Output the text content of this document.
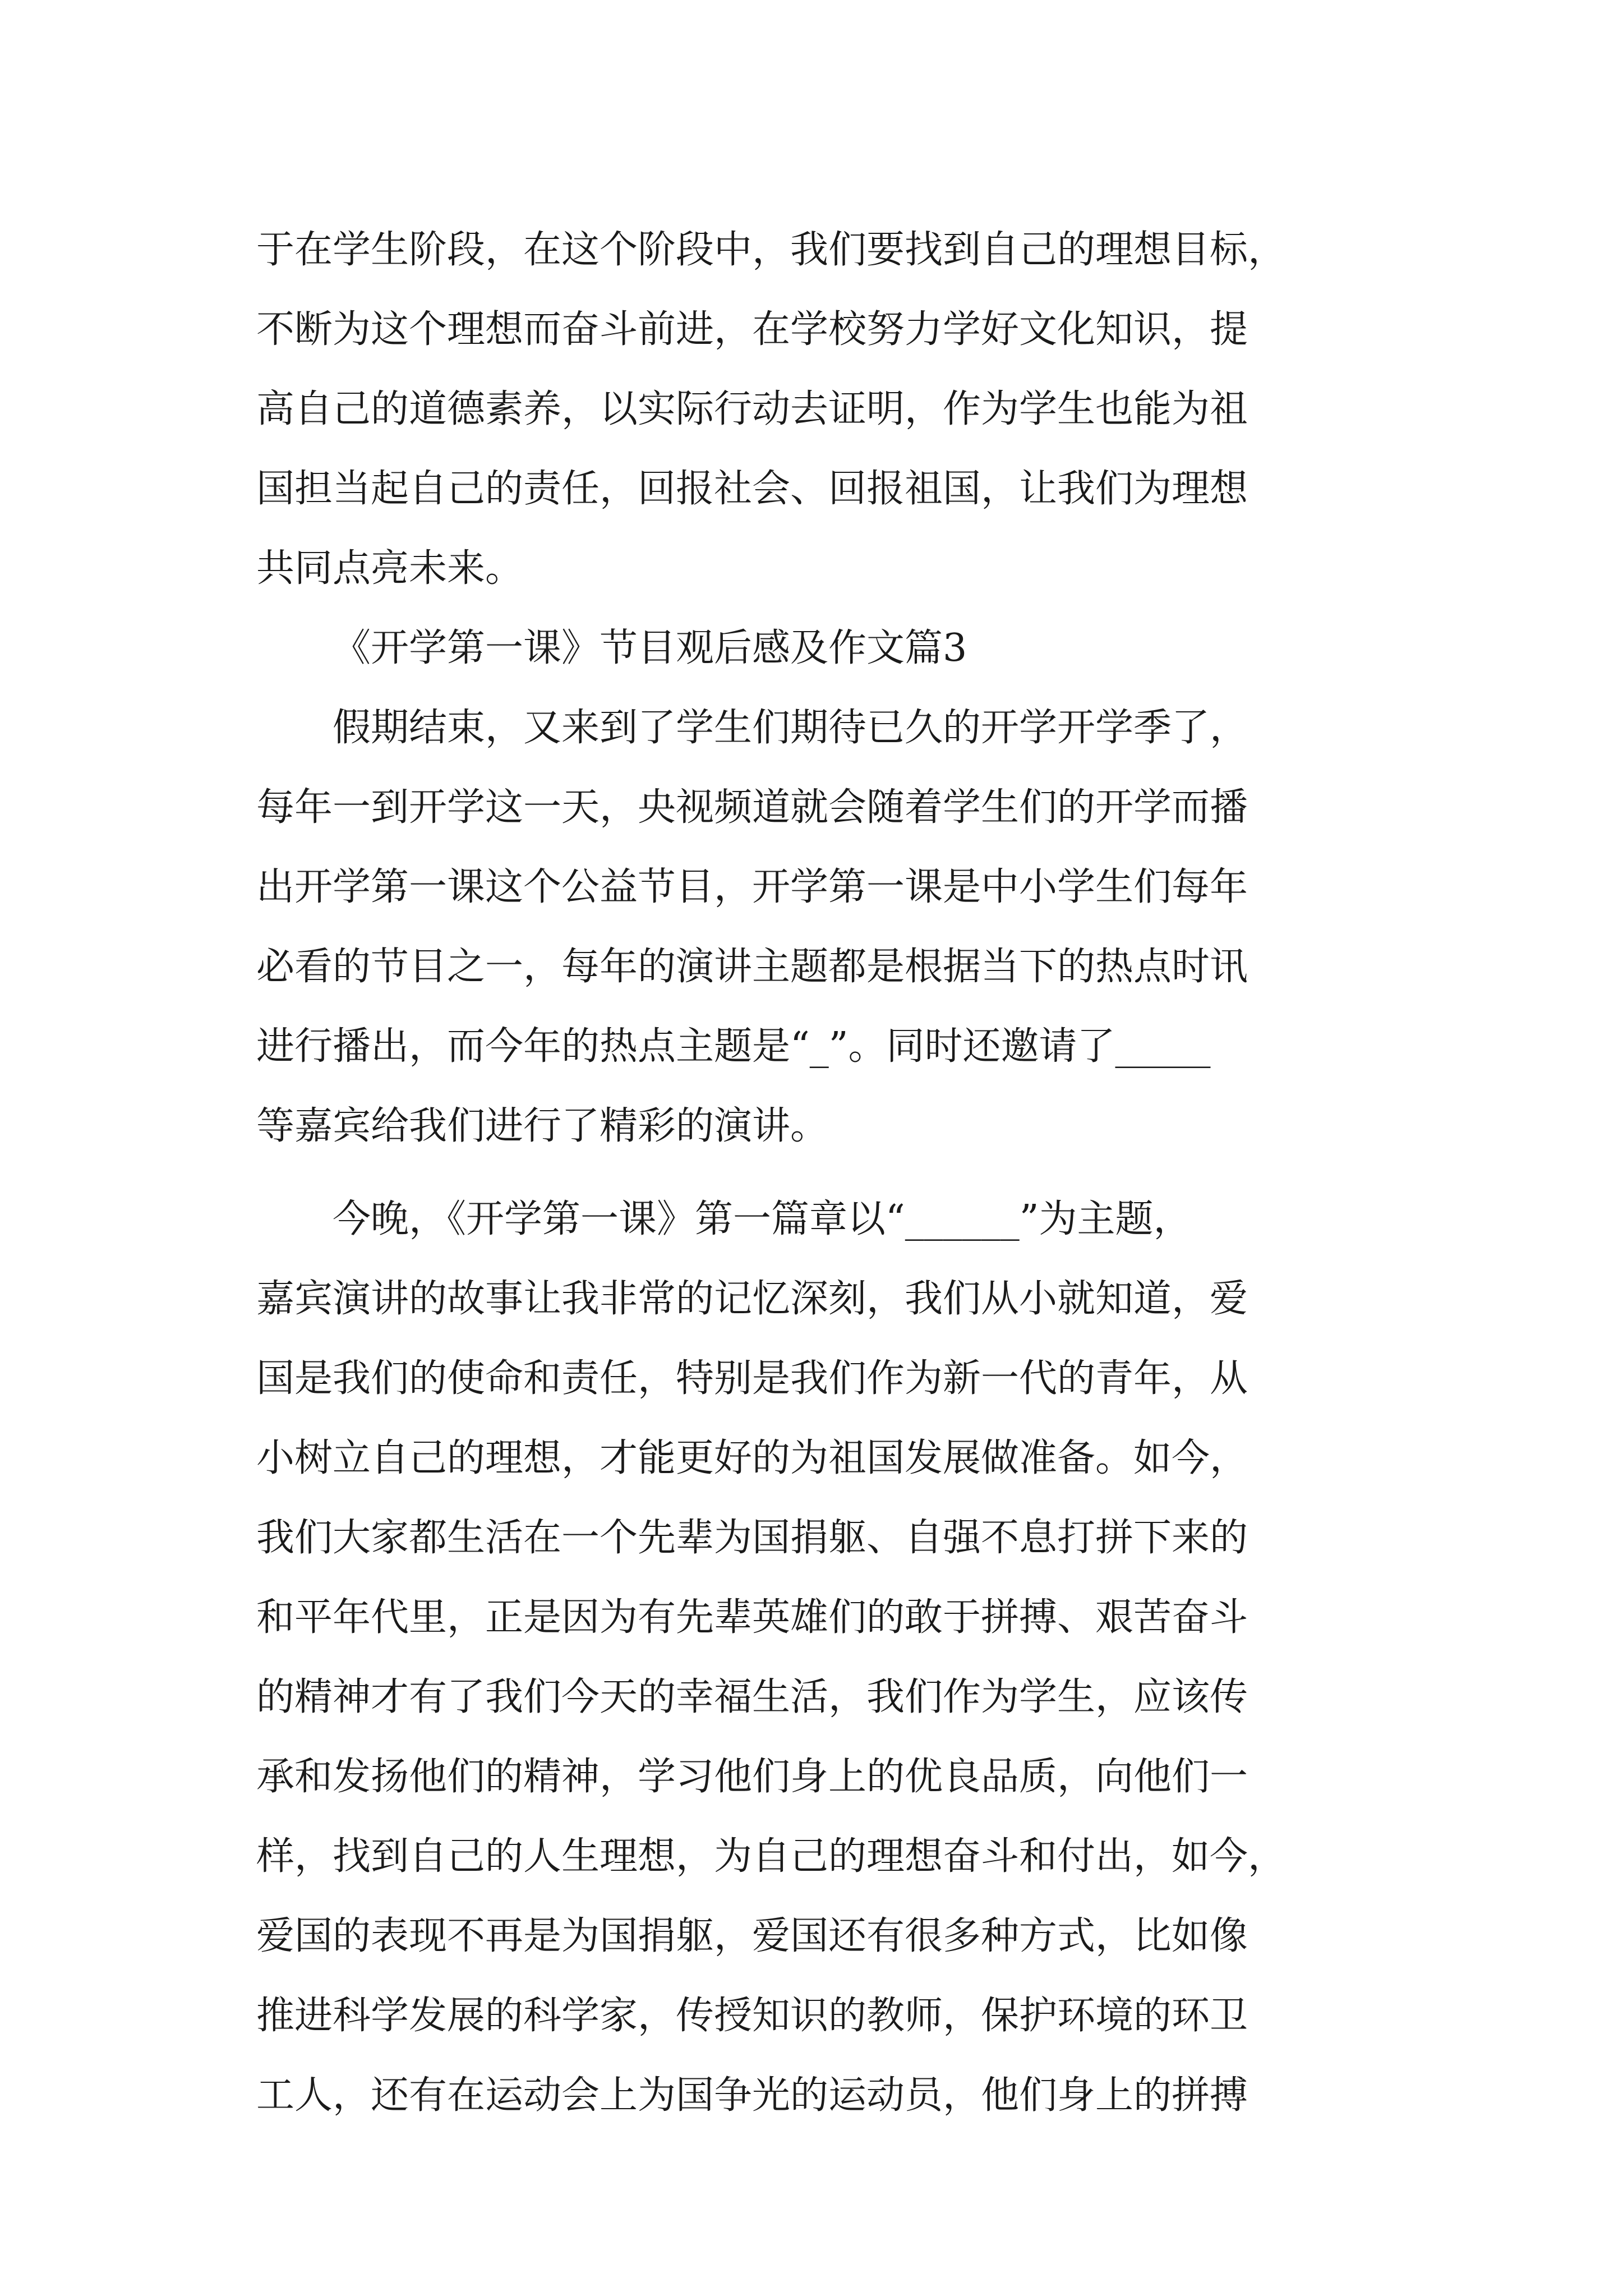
于在学生阶段，在这个阶段中，我们要找到自己的理想目标，
不断为这个理想而奋斗前进，在学校努力学好文化知识，提
高自己的道德素养，以实际行动去证明，作为学生也能为祖
国担当起自己的责任，回报社会、回报祖国，让我们为理想
共同点亮未来。
《开学第一课》节目观后感及作文篇3
假期结束，又来到了学生们期待已久的开学开学季了，
每年一到开学这一天，央视频道就会随着学生们的开学而播
出开学第一课这个公益节目，开学第一课是中小学生们每年
必看的节目之一，每年的演讲主题都是根据当下的热点时讯
进行播出，而今年的热点主题是“_”。同时还邀请了_____
等嘉宾给我们进行了精彩的演讲。
今晚，《开学第一课》第一篇章以“______”为主题，
嘉宾演讲的故事让我非常的记忆深刻，我们从小就知道，爱
国是我们的使命和责任，特别是我们作为新一代的青年，从
小树立自己的理想，才能更好的为祖国发展做准备。如今，
我们大家都生活在一个先辈为国捐躯、自强不息打拼下来的
和平年代里，正是因为有先辈英雄们的敢于拼搏、艰苦奋斗
的精神才有了我们今天的幸福生活，我们作为学生，应该传
承和发扬他们的精神，学习他们身上的优良品质，向他们一
样，找到自己的人生理想，为自己的理想奋斗和付出，如今，
爱国的表现不再是为国捐躯，爱国还有很多种方式，比如像
推进科学发展的科学家，传授知识的教师，保护环境的环卫
工人，还有在运动会上为国争光的运动员，他们身上的拼搏
